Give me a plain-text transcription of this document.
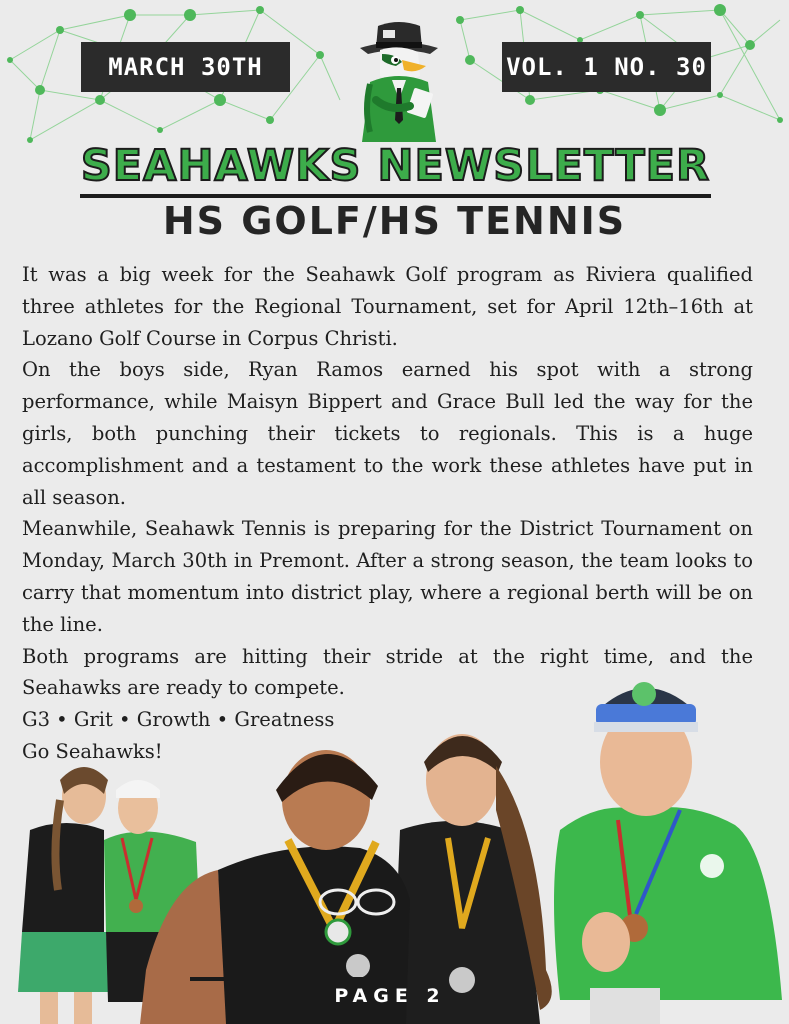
MARCH 30TH	VOL. 1 NO. 30
SEAHAWKS NEWSLETTER
HS GOLF/HS TENNIS

It was a big week for the Seahawk Golf program as Riviera qualified three athletes for the Regional Tournament, set for April 12th–16th at Lozano Golf Course in Corpus Christi.

On the boys side, Ryan Ramos earned his spot with a strong performance, while Maisyn Bippert and Grace Bull led the way for the girls, both punching their tickets to regionals. This is a huge accomplishment and a testament to the work these athletes have put in all season.

Meanwhile, Seahawk Tennis is preparing for the District Tournament on Monday, March 30th in Premont. After a strong season, the team looks to carry that momentum into district play, where a regional berth will be on the line.

Both programs are hitting their stride at the right time, and the Seahawks are ready to compete.

G3 • Grit • Growth • Greatness

Go Seahawks!

PAGE 2
